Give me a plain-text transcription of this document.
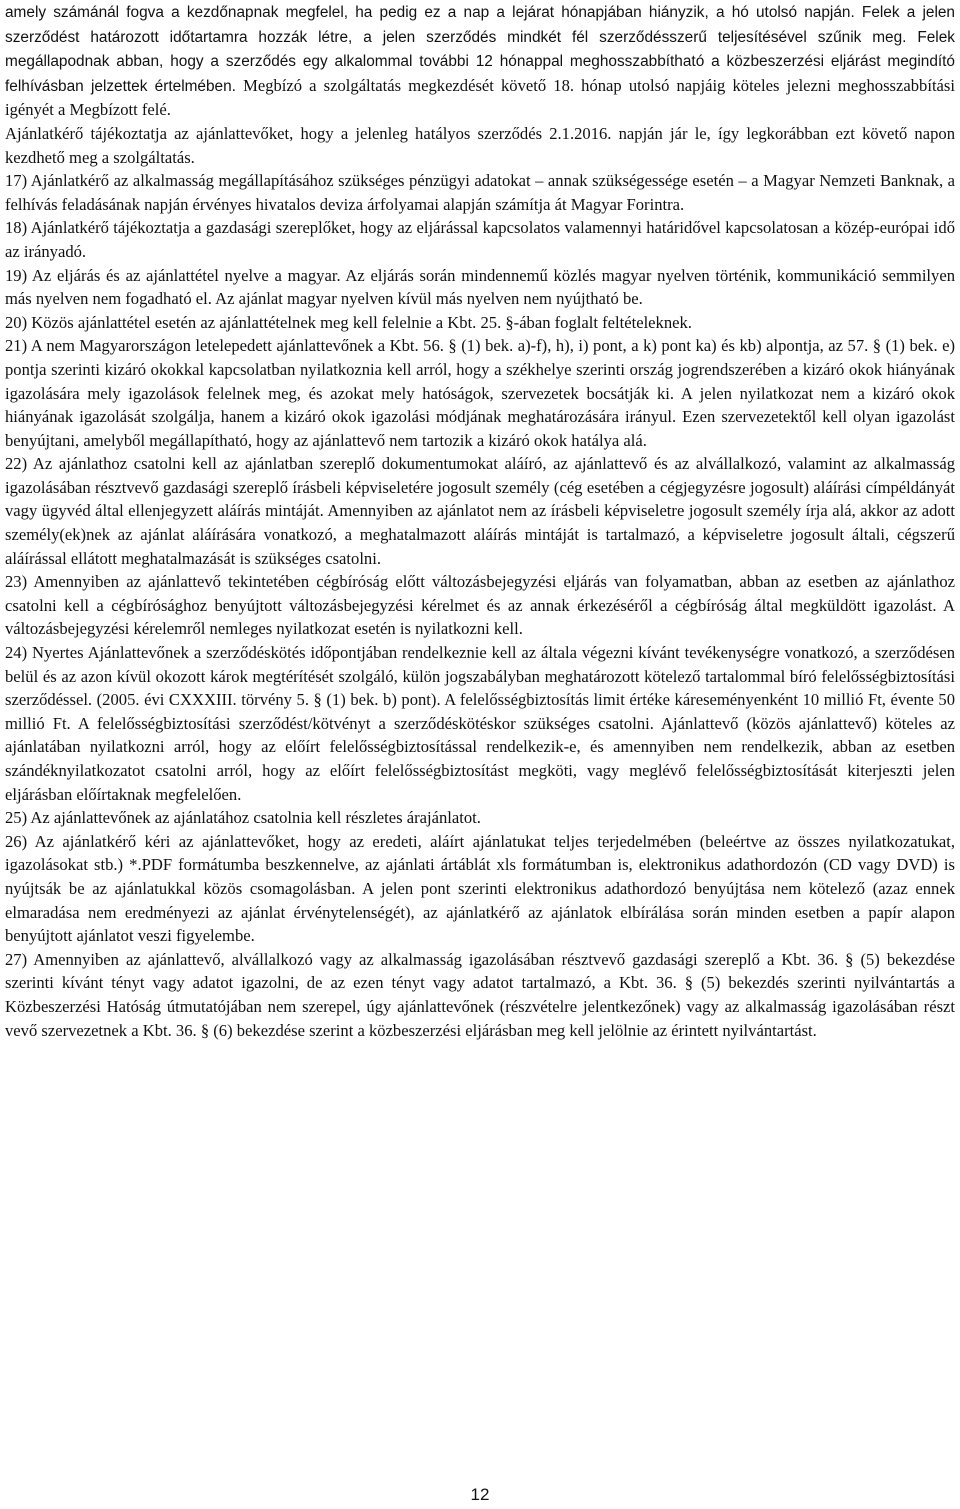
amely számánál fogva a kezdőnapnak megfelel, ha pedig ez a nap a lejárat hónapjában hiányzik, a hó utolsó napján. Felek a jelen szerződést határozott időtartamra hozzák létre, a jelen szerződés mindkét fél szerződésszerű teljesítésével szűnik meg. Felek megállapodnak abban, hogy a szerződés egy alkalommal további 12 hónappal meghosszabbítható a közbeszerzési eljárást megindító felhívásban jelzettek értelmében. Megbízó a szolgáltatás megkezdését követő 18. hónap utolsó napjáig köteles jelezni meghosszabbítási igényét a Megbízott felé.

Ajánlatkérő tájékoztatja az ajánlattevőket, hogy a jelenleg hatályos szerződés 2.1.2016. napján jár le, így legkorábban ezt követő napon kezdhető meg a szolgáltatás.

17) Ajánlatkérő az alkalmasság megállapításához szükséges pénzügyi adatokat – annak szükségessége esetén – a Magyar Nemzeti Banknak, a felhívás feladásának napján érvényes hivatalos deviza árfolyamai alapján számítja át Magyar Forintra.

18) Ajánlatkérő tájékoztatja a gazdasági szereplőket, hogy az eljárással kapcsolatos valamennyi határidővel kapcsolatosan a közép-európai idő az irányadó.

19) Az eljárás és az ajánlattétel nyelve a magyar. Az eljárás során mindennemű közlés magyar nyelven történik, kommunikáció semmilyen más nyelven nem fogadható el. Az ajánlat magyar nyelven kívül más nyelven nem nyújtható be.

20) Közös ajánlattétel esetén az ajánlattételnek meg kell felelnie a Kbt. 25. §-ában foglalt feltételeknek.

21) A nem Magyarországon letelepedett ajánlattevőnek a Kbt. 56. § (1) bek. a)-f), h), i) pont, a k) pont ka) és kb) alpontja, az 57. § (1) bek. e) pontja szerinti kizáró okokkal kapcsolatban nyilatkoznia kell arról, hogy a székhelye szerinti ország jogrendszerében a kizáró okok hiányának igazolására mely igazolások felelnek meg, és azokat mely hatóságok, szervezetek bocsátják ki. A jelen nyilatkozat nem a kizáró okok hiányának igazolását szolgálja, hanem a kizáró okok igazolási módjának meghatározására irányul. Ezen szervezetektől kell olyan igazolást benyújtani, amelyből megállapítható, hogy az ajánlattevő nem tartozik a kizáró okok hatálya alá.

22) Az ajánlathoz csatolni kell az ajánlatban szereplő dokumentumokat aláíró, az ajánlattevő és az alvállalkozó, valamint az alkalmasság igazolásában résztvevő gazdasági szereplő írásbeli képviseletére jogosult személy (cég esetében a cégjegyzésre jogosult) aláírási címpéldányát vagy ügyvéd által ellenjegyzett aláírás mintáját. Amennyiben az ajánlatot nem az írásbeli képviseletre jogosult személy írja alá, akkor az adott személy(ek)nek az ajánlat aláírására vonatkozó, a meghatalmazott aláírás mintáját is tartalmazó, a képviseletre jogosult általi, cégszerű aláírással ellátott meghatalmazását is szükséges csatolni.

23) Amennyiben az ajánlattevő tekintetében cégbíróság előtt változásbejegyzési eljárás van folyamatban, abban az esetben az ajánlathoz csatolni kell a cégbírósághoz benyújtott változásbejegyzési kérelmet és az annak érkezéséről a cégbíróság által megküldött igazolást. A változásbejegyzési kérelemről nemleges nyilatkozat esetén is nyilatkozni kell.

24) Nyertes Ajánlattevőnek a szerződéskötés időpontjában rendelkeznie kell az általa végezni kívánt tevékenységre vonatkozó, a szerződésen belül és az azon kívül okozott károk megtérítését szolgáló, külön jogszabályban meghatározott kötelező tartalommal bíró felelősségbiztosítási szerződéssel. (2005. évi CXXXIII. törvény 5. § (1) bek. b) pont). A felelősségbiztosítás limit értéke káreseményenként 10 millió Ft, évente 50 millió Ft. A felelősségbiztosítási szerződést/kötvényt a szerződéskötéskor szükséges csatolni. Ajánlattevő (közös ajánlattevő) köteles az ajánlatában nyilatkozni arról, hogy az előírt felelősségbiztosítással rendelkezik-e, és amennyiben nem rendelkezik, abban az esetben szándéknyilatkozatot csatolni arról, hogy az előírt felelősségbiztosítást megköti, vagy meglévő felelősségbiztosítását kiterjeszti jelen eljárásban előírtaknak megfelelően.

25) Az ajánlattevőnek az ajánlatához csatolnia kell részletes árajánlatot.

26) Az ajánlatkérő kéri az ajánlattevőket, hogy az eredeti, aláírt ajánlatukat teljes terjedelmében (beleértve az összes nyilatkozatukat, igazolásokat stb.) *.PDF formátumba beszkennelve, az ajánlati ártáblát xls formátumban is, elektronikus adathordozón (CD vagy DVD) is nyújtsák be az ajánlatukkal közös csomagolásban. A jelen pont szerinti elektronikus adathordozó benyújtása nem kötelező (azaz ennek elmaradása nem eredményezi az ajánlat érvénytelenségét), az ajánlatkérő az ajánlatok elbírálása során minden esetben a papír alapon benyújtott ajánlatot veszi figyelembe.

27) Amennyiben az ajánlattevő, alvállalkozó vagy az alkalmasság igazolásában résztvevő gazdasági szereplő a Kbt. 36. § (5) bekezdése szerinti kívánt tényt vagy adatot igazolni, de az ezen tényt vagy adatot tartalmazó, a Kbt. 36. § (5) bekezdés szerinti nyilvántartás a Közbeszerzési Hatóság útmutatójában nem szerepel, úgy ajánlattevőnek (részvételre jelentkezőnek) vagy az alkalmasság igazolásában részt vevő szervezetnek a Kbt. 36. § (6) bekezdése szerint a közbeszerzési eljárásban meg kell jelölnie az érintett nyilvántartást.

12
